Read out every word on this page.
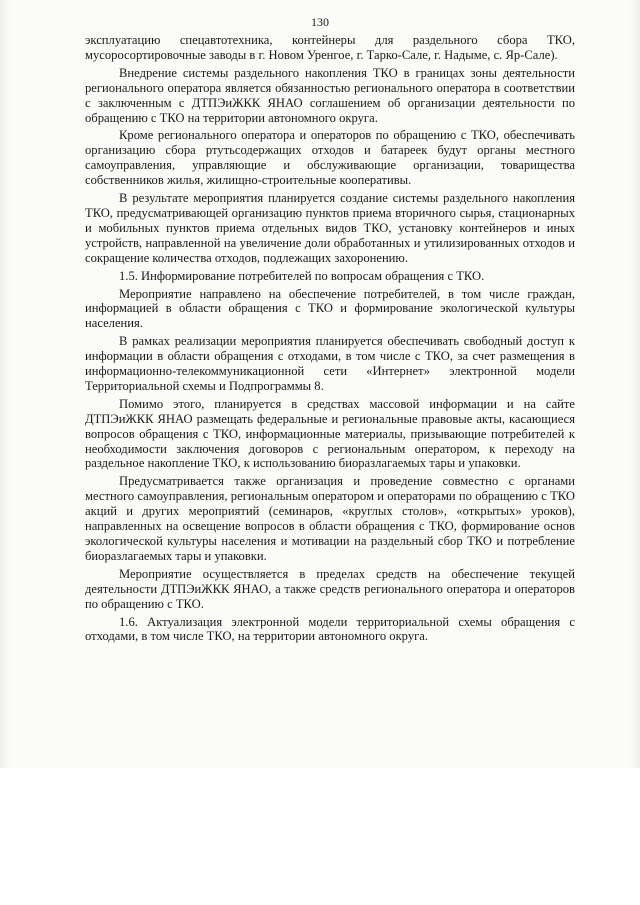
130

эксплуатацию спецавтотехника, контейнеры для раздельного сбора ТКО, мусоросортировочные заводы в г. Новом Уренгое, г. Тарко-Сале, г. Надыме, с. Яр-Сале).

Внедрение системы раздельного накопления ТКО в границах зоны деятельности регионального оператора является обязанностью регионального оператора в соответствии с заключенным с ДТПЭиЖКК ЯНАО соглашением об организации деятельности по обращению с ТКО на территории автономного округа.

Кроме регионального оператора и операторов по обращению с ТКО, обеспечивать организацию сбора ртутьсодержащих отходов и батареек будут органы местного самоуправления, управляющие и обслуживающие организации, товарищества собственников жилья, жилищно-строительные кооперативы.

В результате мероприятия планируется создание системы раздельного накопления ТКО, предусматривающей организацию пунктов приема вторичного сырья, стационарных и мобильных пунктов приема отдельных видов ТКО, установку контейнеров и иных устройств, направленной на увеличение доли обработанных и утилизированных отходов и сокращение количества отходов, подлежащих захоронению.

1.5. Информирование потребителей по вопросам обращения с ТКО.

Мероприятие направлено на обеспечение потребителей, в том числе граждан, информацией в области обращения с ТКО и формирование экологической культуры населения.

В рамках реализации мероприятия планируется обеспечивать свободный доступ к информации в области обращения с отходами, в том числе с ТКО, за счет размещения в информационно-телекоммуникационной сети «Интернет» электронной модели Территориальной схемы и Подпрограммы 8.

Помимо этого, планируется в средствах массовой информации и на сайте ДТПЭиЖКК ЯНАО размещать федеральные и региональные правовые акты, касающиеся вопросов обращения с ТКО, информационные материалы, призывающие потребителей к необходимости заключения договоров с региональным оператором, к переходу на раздельное накопление ТКО, к использованию биоразлагаемых тары и упаковки.

Предусматривается также организация и проведение совместно с органами местного самоуправления, региональным оператором и операторами по обращению с ТКО акций и других мероприятий (семинаров, «круглых столов», «открытых» уроков), направленных на освещение вопросов в области обращения с ТКО, формирование основ экологической культуры населения и мотивации на раздельный сбор ТКО и потребление биоразлагаемых тары и упаковки.

Мероприятие осуществляется в пределах средств на обеспечение текущей деятельности ДТПЭиЖКК ЯНАО, а также средств регионального оператора и операторов по обращению с ТКО.

1.6. Актуализация электронной модели территориальной схемы обращения с отходами, в том числе ТКО, на территории автономного округа.
